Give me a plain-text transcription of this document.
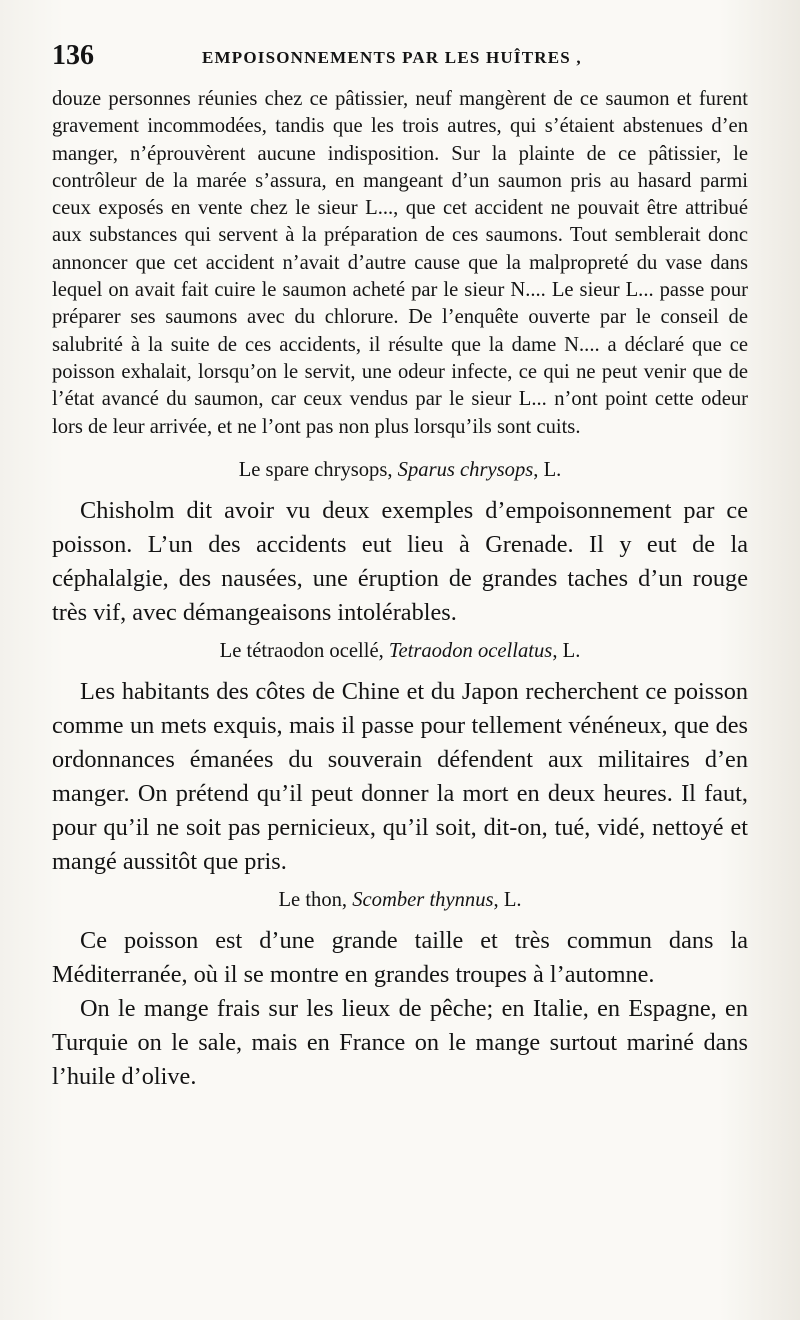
136	EMPOISONNEMENTS PAR LES HUÎTRES ,

douze personnes réunies chez ce pâtissier, neuf mangèrent de ce saumon et furent gravement incommodées, tandis que les trois autres, qui s’étaient abstenues d’en manger, n’éprouvèrent aucune indisposition. Sur la plainte de ce pâtissier, le contrôleur de la marée s’assura, en mangeant d’un saumon pris au hasard parmi ceux exposés en vente chez le sieur L..., que cet accident ne pouvait être attribué aux substances qui servent à la préparation de ces saumons. Tout semblerait donc annoncer que cet accident n’avait d’autre cause que la malpropreté du vase dans lequel on avait fait cuire le saumon acheté par le sieur N.... Le sieur L... passe pour préparer ses saumons avec du chlorure. De l’enquête ouverte par le conseil de salubrité à la suite de ces accidents, il résulte que la dame N.... a déclaré que ce poisson exhalait, lorsqu’on le servit, une odeur infecte, ce qui ne peut venir que de l’état avancé du saumon, car ceux vendus par le sieur L... n’ont point cette odeur lors de leur arrivée, et ne l’ont pas non plus lorsqu’ils sont cuits.

Le spare chrysops, Sparus chrysops, L.

Chisholm dit avoir vu deux exemples d’empoisonnement par ce poisson. L’un des accidents eut lieu à Grenade. Il y eut de la céphalalgie, des nausées, une éruption de grandes taches d’un rouge très vif, avec démangeaisons intolérables.

Le tétraodon ocellé, Tetraodon ocellatus, L.

Les habitants des côtes de Chine et du Japon recherchent ce poisson comme un mets exquis, mais il passe pour tellement vénéneux, que des ordonnances émanées du souverain défendent aux militaires d’en manger. On prétend qu’il peut donner la mort en deux heures. Il faut, pour qu’il ne soit pas pernicieux, qu’il soit, dit-on, tué, vidé, nettoyé et mangé aussitôt que pris.

Le thon, Scomber thynnus, L.

Ce poisson est d’une grande taille et très commun dans la Méditerranée, où il se montre en grandes troupes à l’automne.

On le mange frais sur les lieux de pêche; en Italie, en Espagne, en Turquie on le sale, mais en France on le mange surtout mariné dans l’huile d’olive.
